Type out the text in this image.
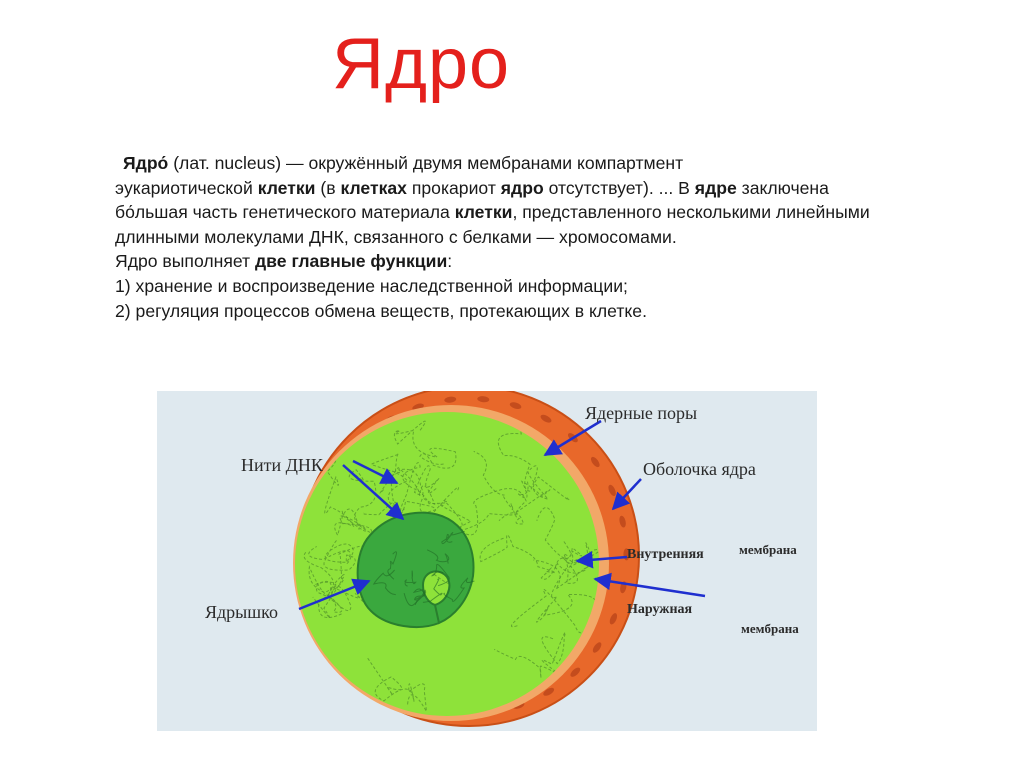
Ядро

Ядро́ (лат. nucleus) — окружённый двумя мембранами компартмент

эукариотической клетки (в клетках прокариот ядро отсутствует). ... В ядре заключена

бо́льшая часть генетического материала клетки, представленного несколькими линейными

длинными молекулами ДНК, связанного с белками — хромосомами.

Ядро выполняет две главные функции:

1) хранение и воспроизведение наследственной информации;

2) регуляция процессов обмена веществ, протекающих в клетке.

Ядерные поры
Нити ДНК	Оболочка ядра
Внутренняя	мембрана
Ядрышко	Наружная
мембрана
